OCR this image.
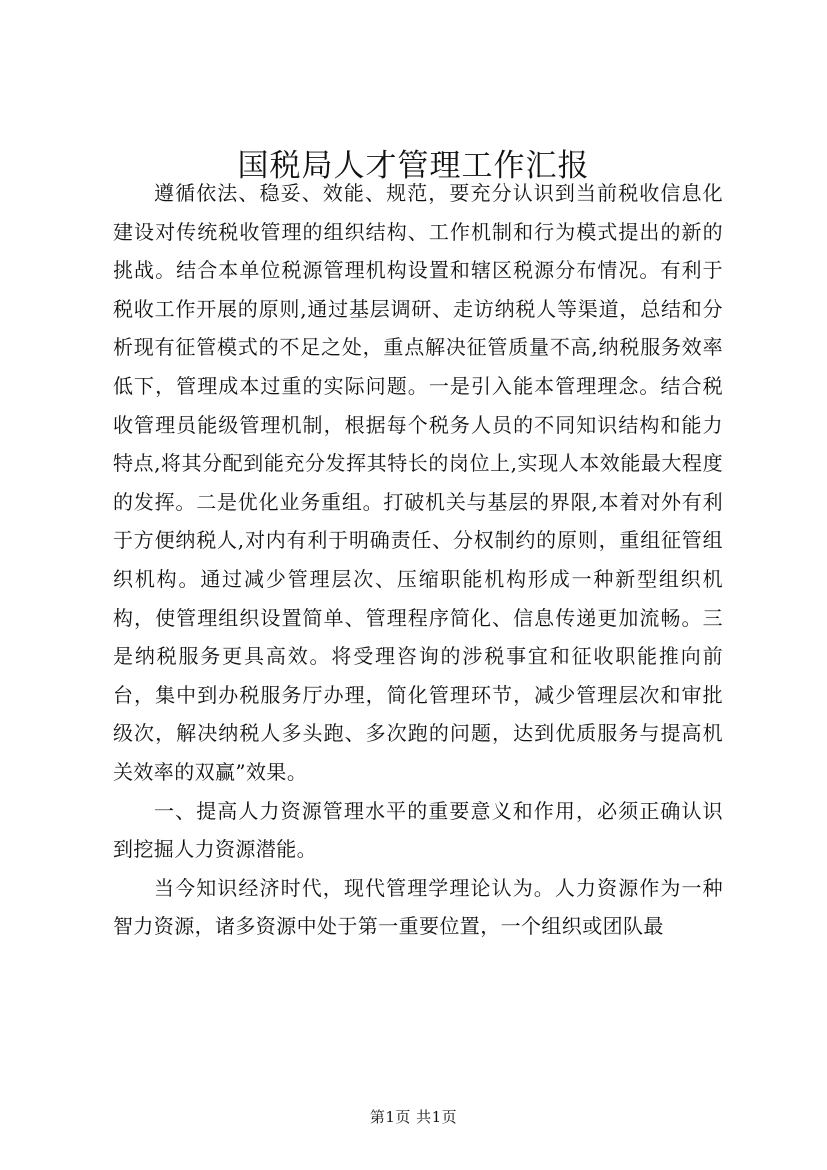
国税局人才管理工作汇报

遵循依法、稳妥、效能、规范，要充分认识到当前税收信息化建设对传统税收管理的组织结构、工作机制和行为模式提出的新的挑战。结合本单位税源管理机构设置和辖区税源分布情况。有利于税收工作开展的原则,通过基层调研、走访纳税人等渠道，总结和分析现有征管模式的不足之处，重点解决征管质量不高,纳税服务效率低下，管理成本过重的实际问题。一是引入能本管理理念。结合税收管理员能级管理机制，根据每个税务人员的不同知识结构和能力特点,将其分配到能充分发挥其特长的岗位上,实现人本效能最大程度的发挥。二是优化业务重组。打破机关与基层的界限,本着对外有利于方便纳税人,对内有利于明确责任、分权制约的原则，重组征管组织机构。通过减少管理层次、压缩职能机构形成一种新型组织机构，使管理组织设置简单、管理程序简化、信息传递更加流畅。三是纳税服务更具高效。将受理咨询的涉税事宜和征收职能推向前台，集中到办税服务厅办理，简化管理环节，减少管理层次和审批级次，解决纳税人多头跑、多次跑的问题，达到优质服务与提高机关效率的双赢”效果。

一、提高人力资源管理水平的重要意义和作用，必须正确认识到挖掘人力资源潜能。

当今知识经济时代，现代管理学理论认为。人力资源作为一种智力资源，诸多资源中处于第一重要位置，一个组织或团队最

第1页 共1页
